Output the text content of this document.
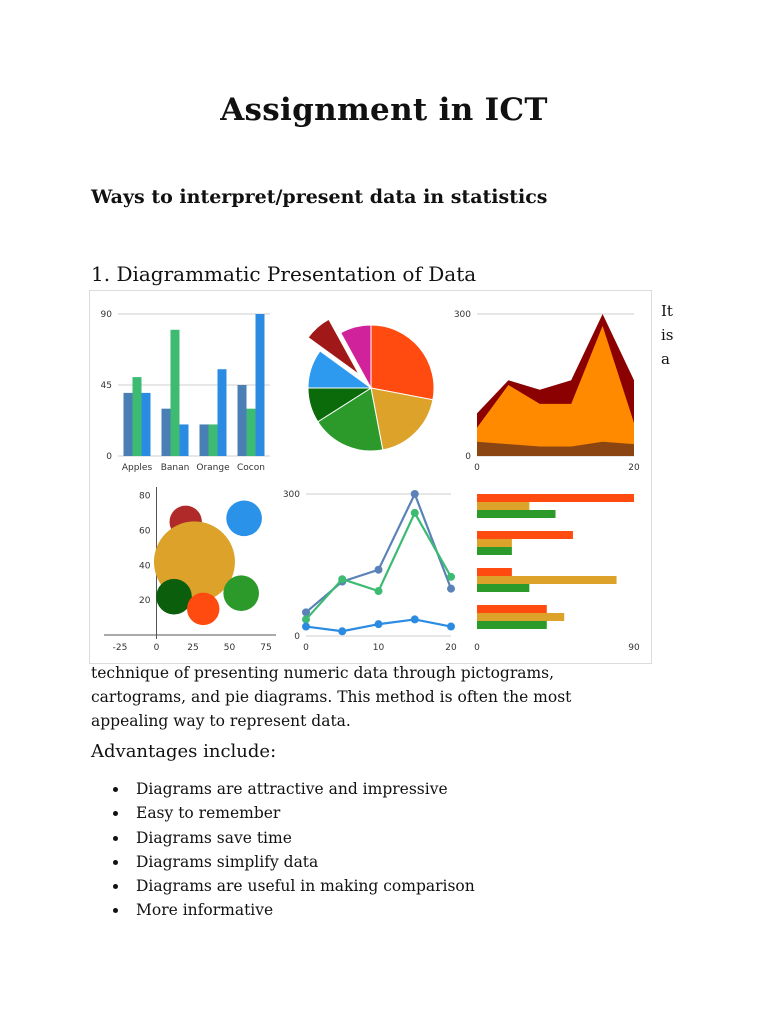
Assignment in ICT
Ways to interpret/present data in statistics
1. Diagrammatic Presentation of Data
0
45
90
Apples Banan Orange Cocon
0
300
0	20
20
40
60
80
-25	0	25	50	75
0
300
0	10	20 0	90
It
is
a

technique of presenting numeric data through pictograms, cartograms, and pie diagrams. This method is often the most appealing way to represent data.

Advantages include:
Diagrams are attractive and impressive
Easy to remember
Diagrams save time
Diagrams simplify data
Diagrams are useful in making comparison
More informative
